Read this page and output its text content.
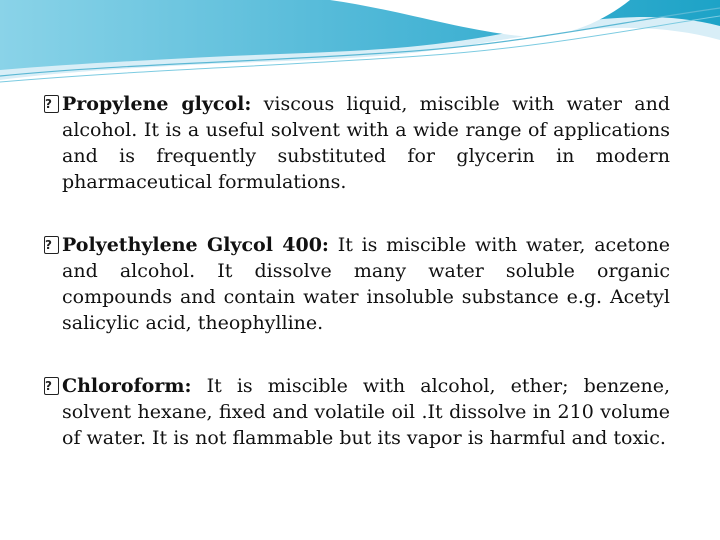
? Propylene glycol: viscous liquid, miscible with water and alcohol. It is a useful solvent with a wide range of applications and is frequently substituted for glycerin in modern pharmaceutical formulations.
? Polyethylene Glycol 400: It is miscible with water, acetone and alcohol. It dissolve many water soluble organic compounds and contain water insoluble substance e.g. Acetyl salicylic acid, theophylline.
? Chloroform: It is miscible with alcohol, ether; benzene, solvent hexane, fixed and volatile oil .It dissolve in 210 volume of water. It is not flammable but its vapor is harmful and toxic.
